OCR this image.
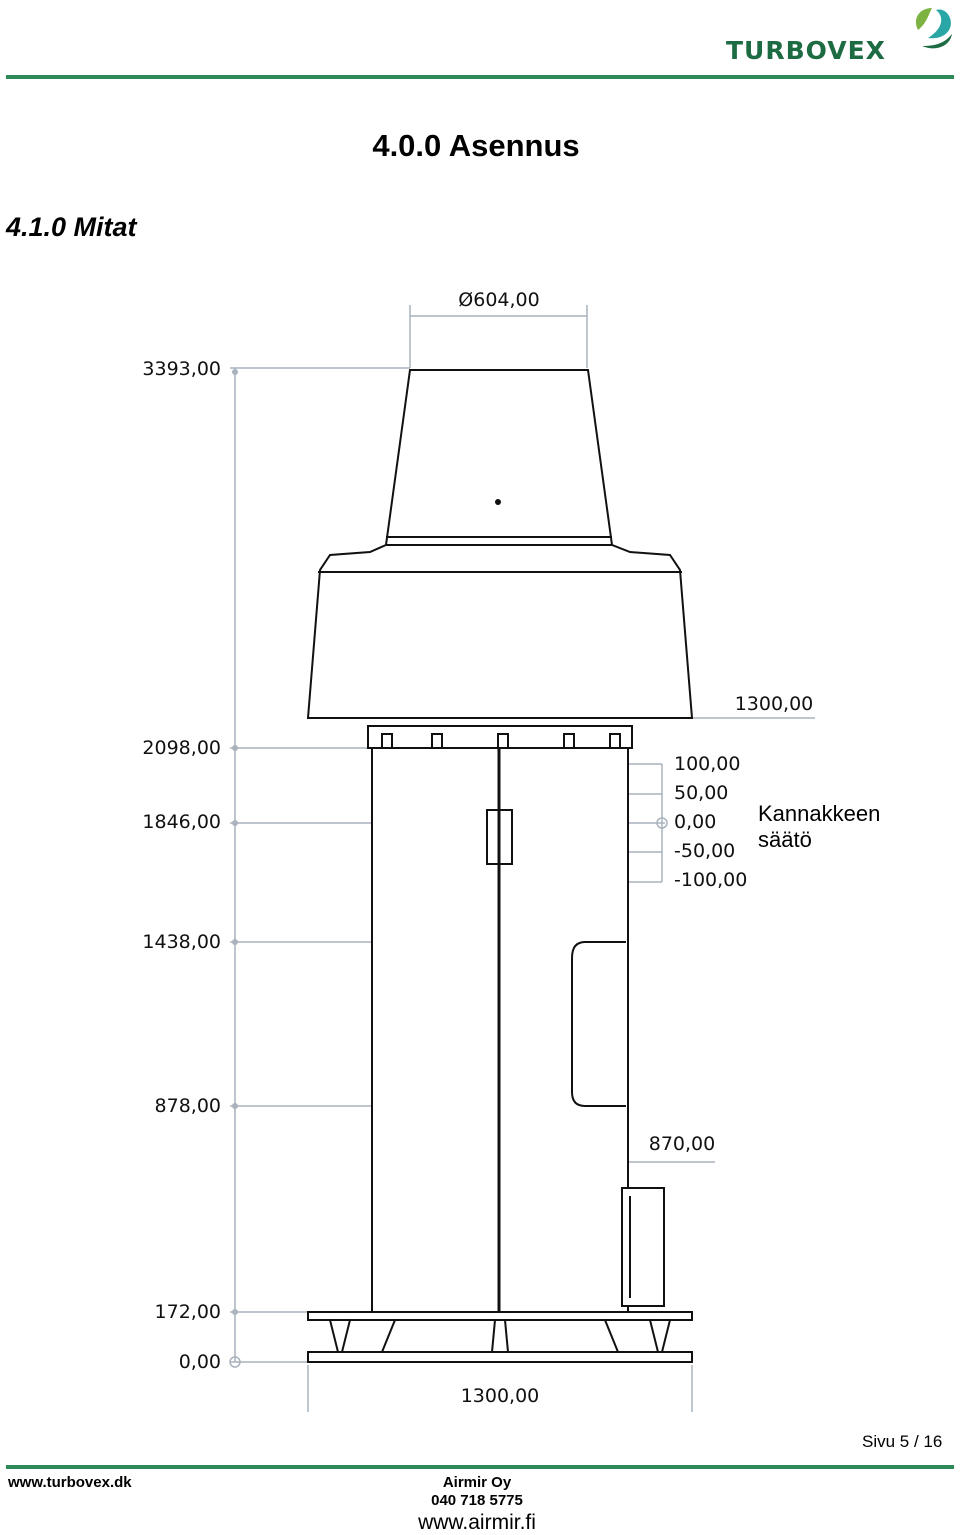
TURBOVEX
4.0.0 Asennus
4.1.0 Mitat
Ø604,00
3393,00
2098,00
1846,00
1438,00
878,00
172,00
0,00
1300,00
100,00
50,00
0,00
-50,00
-100,00
870,00
1300,00
Kannakkeen
säätö
Sivu 5 / 16
www.turbovex.dk	Airmir Oy
040 718 5775
www.airmir.fi
